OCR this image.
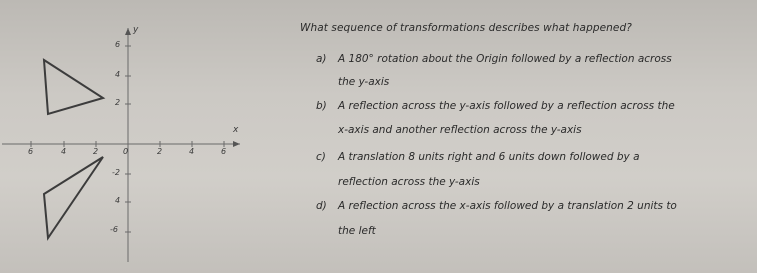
y
x
6
4
2
-2
4
-6
6	4	2	0	2	4	6
What sequence of transformations describes what happened?
a) A 180° rotation about the Origin followed by a reflection across
the y-axis
b) A reflection across the y-axis followed by a reflection across the
x-axis and another reflection across the y-axis
c) A translation 8 units right and 6 units down followed by a
reflection across the y-axis
d) A reflection across the x-axis followed by a translation 2 units to
the left
